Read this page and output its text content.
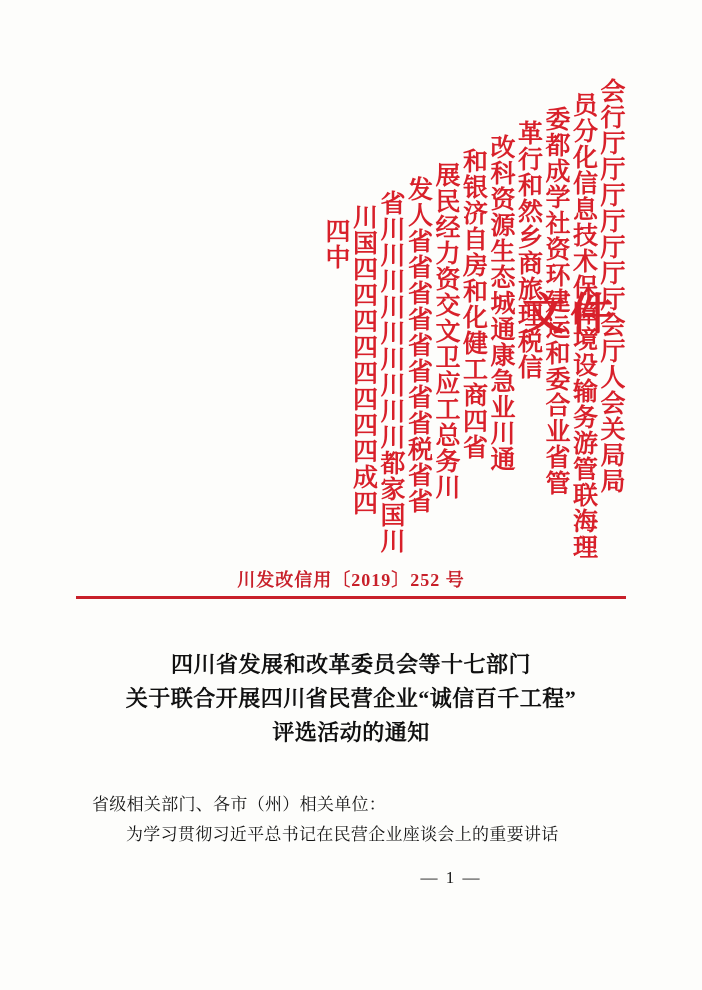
会行厅厅厅厅厅厅厅会厅人会关局局
员分化信息技术保障境设输务游管联海理
委都成学社资环建运和委合业省管
革行和然乡商旅理税信
改科资源生态城通康急业川通
和银济自房和化健工商四省
展民经力资交文卫应工总务川
发人省省省省省省省省税省省
省川川川川川川川川川都家国川
川国四四四四四四四四成四
四中
文件
川发改信用〔2019〕252 号
四川省发展和改革委员会等十七部门
关于联合开展四川省民营企业“诚信百千工程”
评选活动的通知
省级相关部门、各市（州）相关单位：
为学习贯彻习近平总书记在民营企业座谈会上的重要讲话
— 1 —
